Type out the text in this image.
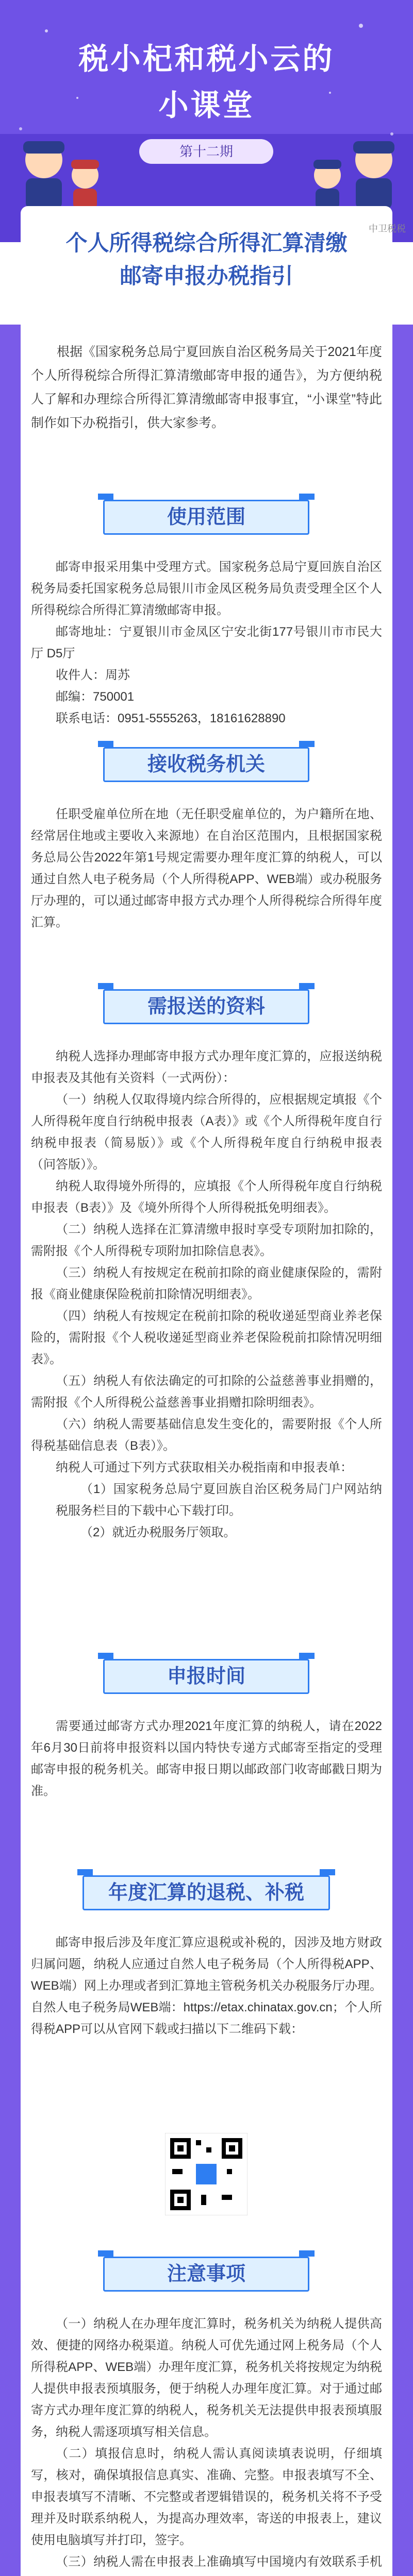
税小杞和税小云的
小课堂
第十二期
个人所得税综合所得汇算清缴
邮寄申报办税指引
根据《国家税务总局宁夏回族自治区税务局关于2021年度个人所得税综合所得汇算清缴邮寄申报的通告》，为方便纳税人了解和办理综合所得汇算清缴邮寄申报事宜，“小课堂”特此制作如下办税指引，供大家参考。
使用范围

邮寄申报采用集中受理方式。国家税务总局宁夏回族自治区税务局委托国家税务总局银川市金凤区税务局负责受理全区个人所得税综合所得汇算清缴邮寄申报。

邮寄地址：宁夏银川市金凤区宁安北街177号银川市市民大厅 D5厅

收件人：周苏

邮编：750001

联系电话：0951-5555263，18161628890

接收税务机关

任职受雇单位所在地（无任职受雇单位的，为户籍所在地、经常居住地或主要收入来源地）在自治区范围内，且根据国家税务总局公告2022年第1号规定需要办理年度汇算的纳税人，可以通过自然人电子税务局（个人所得税APP、WEB端）或办税服务厅办理的，可以通过邮寄申报方式办理个人所得税综合所得年度汇算。

需报送的资料

纳税人选择办理邮寄申报方式办理年度汇算的，应报送纳税申报表及其他有关资料（一式两份）：

（一）纳税人仅取得境内综合所得的，应根据规定填报《个人所得税年度自行纳税申报表（A表）》或《个人所得税年度自行纳税申报表（简易版）》或《个人所得税年度自行纳税申报表（问答版）》。

纳税人取得境外所得的，应填报《个人所得税年度自行纳税申报表（B表）》及《境外所得个人所得税抵免明细表》。

（二）纳税人选择在汇算清缴申报时享受专项附加扣除的，需附报《个人所得税专项附加扣除信息表》。

（三）纳税人有按规定在税前扣除的商业健康保险的，需附报《商业健康保险税前扣除情况明细表》。

（四）纳税人有按规定在税前扣除的税收递延型商业养老保险的，需附报《个人税收递延型商业养老保险税前扣除情况明细表》。

（五）纳税人有依法确定的可扣除的公益慈善事业捐赠的，需附报《个人所得税公益慈善事业捐赠扣除明细表》。

（六）纳税人需要基础信息发生变化的，需要附报《个人所得税基础信息表（B表）》。

纳税人可通过下列方式获取相关办税指南和申报表单：

（1）国家税务总局宁夏回族自治区税务局门户网站纳税服务栏目的下载中心下载打印。

（2）就近办税服务厅领取。

申报时间

需要通过邮寄方式办理2021年度汇算的纳税人，请在2022年6月30日前将申报资料以国内特快专递方式邮寄至指定的受理邮寄申报的税务机关。邮寄申报日期以邮政部门收寄邮戳日期为准。

年度汇算的退税、补税

邮寄申报后涉及年度汇算应退税或补税的，因涉及地方财政归属问题，纳税人应通过自然人电子税务局（个人所得税APP、WEB端）网上办理或者到汇算地主管税务机关办税服务厅办理。自然人电子税务局WEB端：https://etax.chinatax.gov.cn；个人所得税APP可以从官网下载或扫描以下二维码下载：

注意事项

（一）纳税人在办理年度汇算时，税务机关为纳税人提供高效、便捷的网络办税渠道。纳税人可优先通过网上税务局（个人所得税APP、WEB端）办理年度汇算，税务机关将按规定为纳税人提供申报表预填服务，便于纳税人办理年度汇算。对于通过邮寄方式办理年度汇算的纳税人，税务机关无法提供申报表预填服务，纳税人需逐项填写相关信息。

（二）填报信息时，纳税人需认真阅读填表说明，仔细填写，核对，确保填报信息真实、准确、完整。申报表填写不全、申报表填写不清晰、不完整或者逻辑错误的，税务机关将不予受理并及时联系纳税人，为提高办理效率，寄送的申报表上，建议使用电脑填写并打印，签字。

（三）纳税人需在申报表上准确填写中国境内有效联系手机

中卫税税
